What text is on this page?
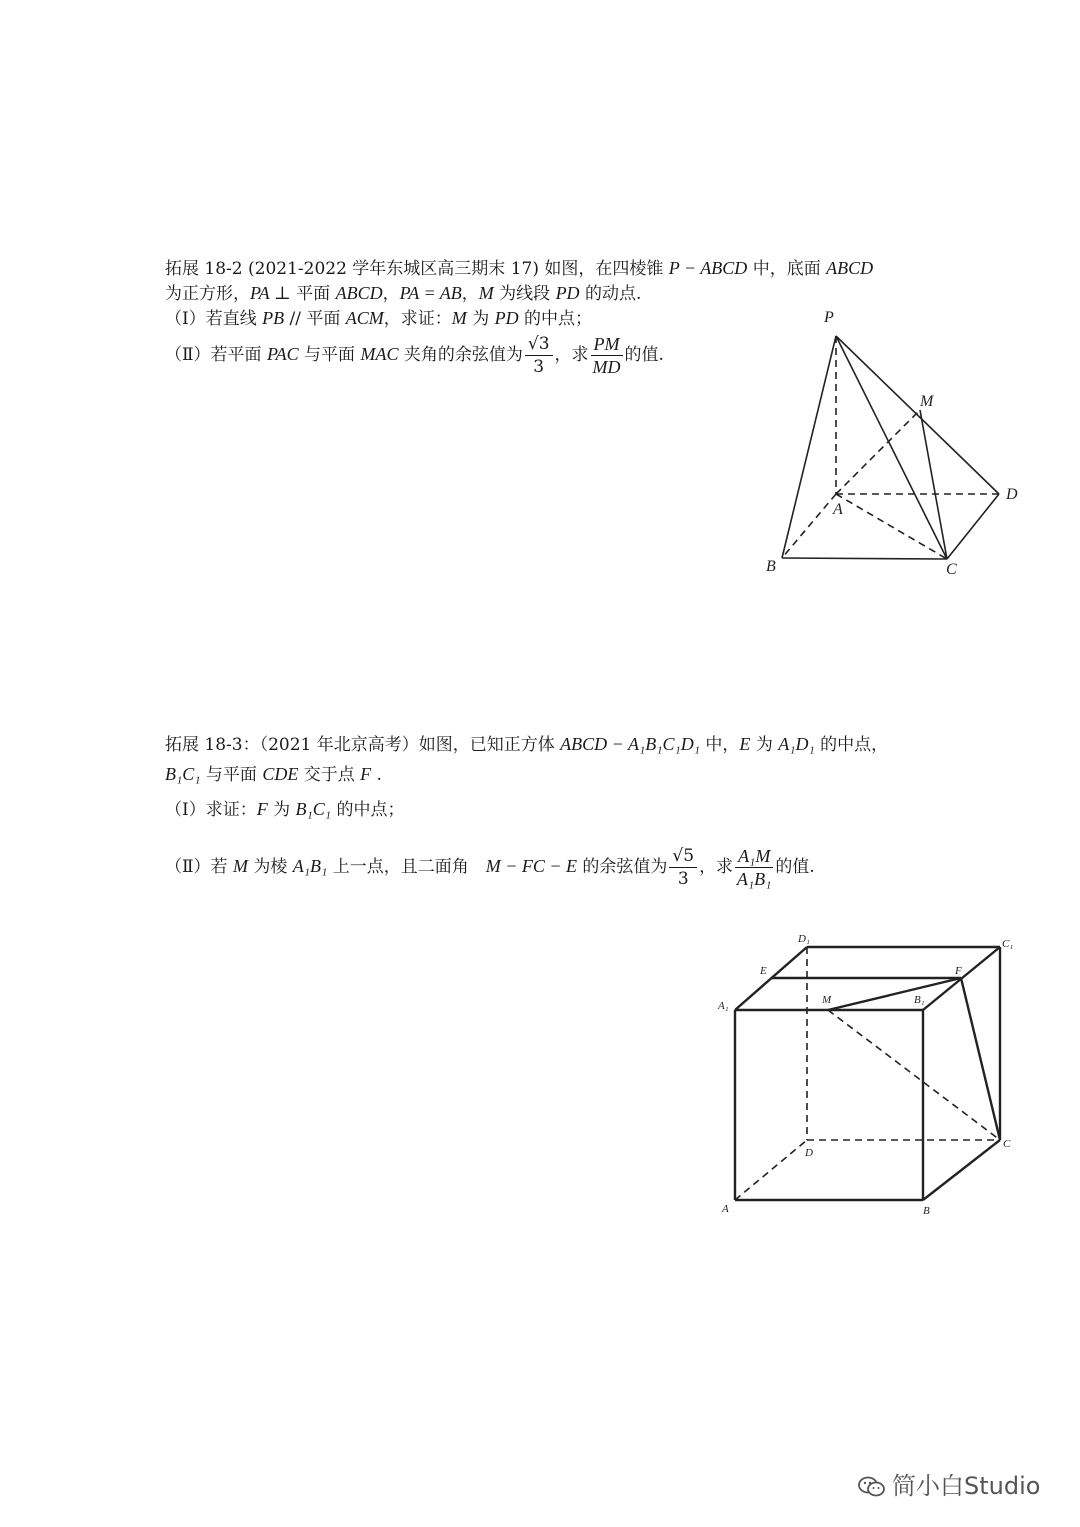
拓展 18-2 (2021-2022 学年东城区高三期末 17) 如图，在四棱锥 P − ABCD 中，底面 ABCD
为正方形，PA ⊥ 平面 ABCD，PA = AB，M 为线段 PD 的动点.
（Ⅰ）若直线 PB // 平面 ACM，求证：M 为 PD 的中点；
（Ⅱ）若平面 PAC 与平面 MAC 夹角的余弦值为 $\frac{√3}{3}$ ，求 $\frac{PM}{MD}$ 的值.
P
M
A
D
B	C
拓展 18-3：（2021 年北京高考）如图，已知正方体 ABCD − A₁B₁C₁D₁ 中，E 为 A₁D₁ 的中点，
B₁C₁ 与平面 CDE 交于点 F .
（Ⅰ）求证：F 为 B₁C₁ 的中点；
（Ⅱ）若 M 为棱 A₁B₁ 上一点，且二面角　M − FC − E 的余弦值为 $\frac{√5}{3}$ ，求 $\frac{\text{A₁M}}{\text{A₁B₁}}$ 的值.
D₁	C₁
E	F
A₁	M	B₁
D
C
A	B
简小白Studio
